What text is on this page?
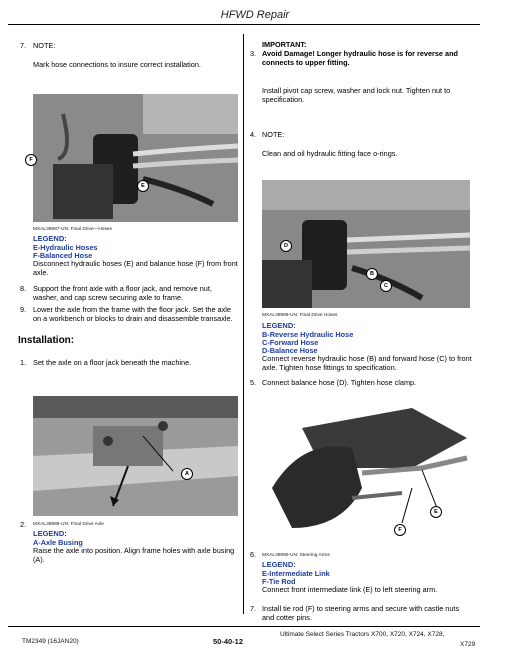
HFWD Repair
7. NOTE:
Mark hose connections to insure correct installation.
F
E
MXAL39987-UN: Final Drive—Hoses
LEGEND:
E-Hydraulic Hoses
F-Balanced Hose
Disconnect hydraulic hoses (E) and balance hose (F) from front axle.
8. Support the front axle with a floor jack, and remove nut, washer, and cap screw securing axle to frame.
9. Lower the axle from the frame with the floor jack. Set the axle on a workbench or blocks to drain and disassemble transaxle.
Installation:
1. Set the axle on a floor jack beneath the machine.
A
2. MXAL39988-UN: Final Drive Axle
LEGEND:
A-Axle Busing
Raise the axle into position. Align frame holes with axle busing (A).
3.
IMPORTANT:
Avoid Damage! Longer hydraulic hose is for reverse and connects to upper fitting.
Install pivot cap screw, washer and lock nut. Tighten nut to specification.
4. NOTE:
Clean and oil hydraulic fitting face o-rings.
D
B
C
MXAL39989-UN: Final Drive Hoses
LEGEND:
B-Reverse Hydraulic Hose
C-Forward Hose
D-Balance Hose
Connect reverse hydraulic hose (B) and forward hose (C) to front axle. Tighten hose fittings to specification.
5. Connect balance hose (D). Tighten hose clamp.
E
F
6. MXAL39990-UN: Steering Arms
LEGEND:
E-Intermediate Link
F-Tie Rod
Connect front intermediate link (E) to left steering arm.
7. Install tie rod (F) to steering arms and secure with castle nuts and cotter pins.
TM2349 (16JAN20)	50-40-12
Ultimate Select Series Tractors X700, X720, X724, X728,
X729
